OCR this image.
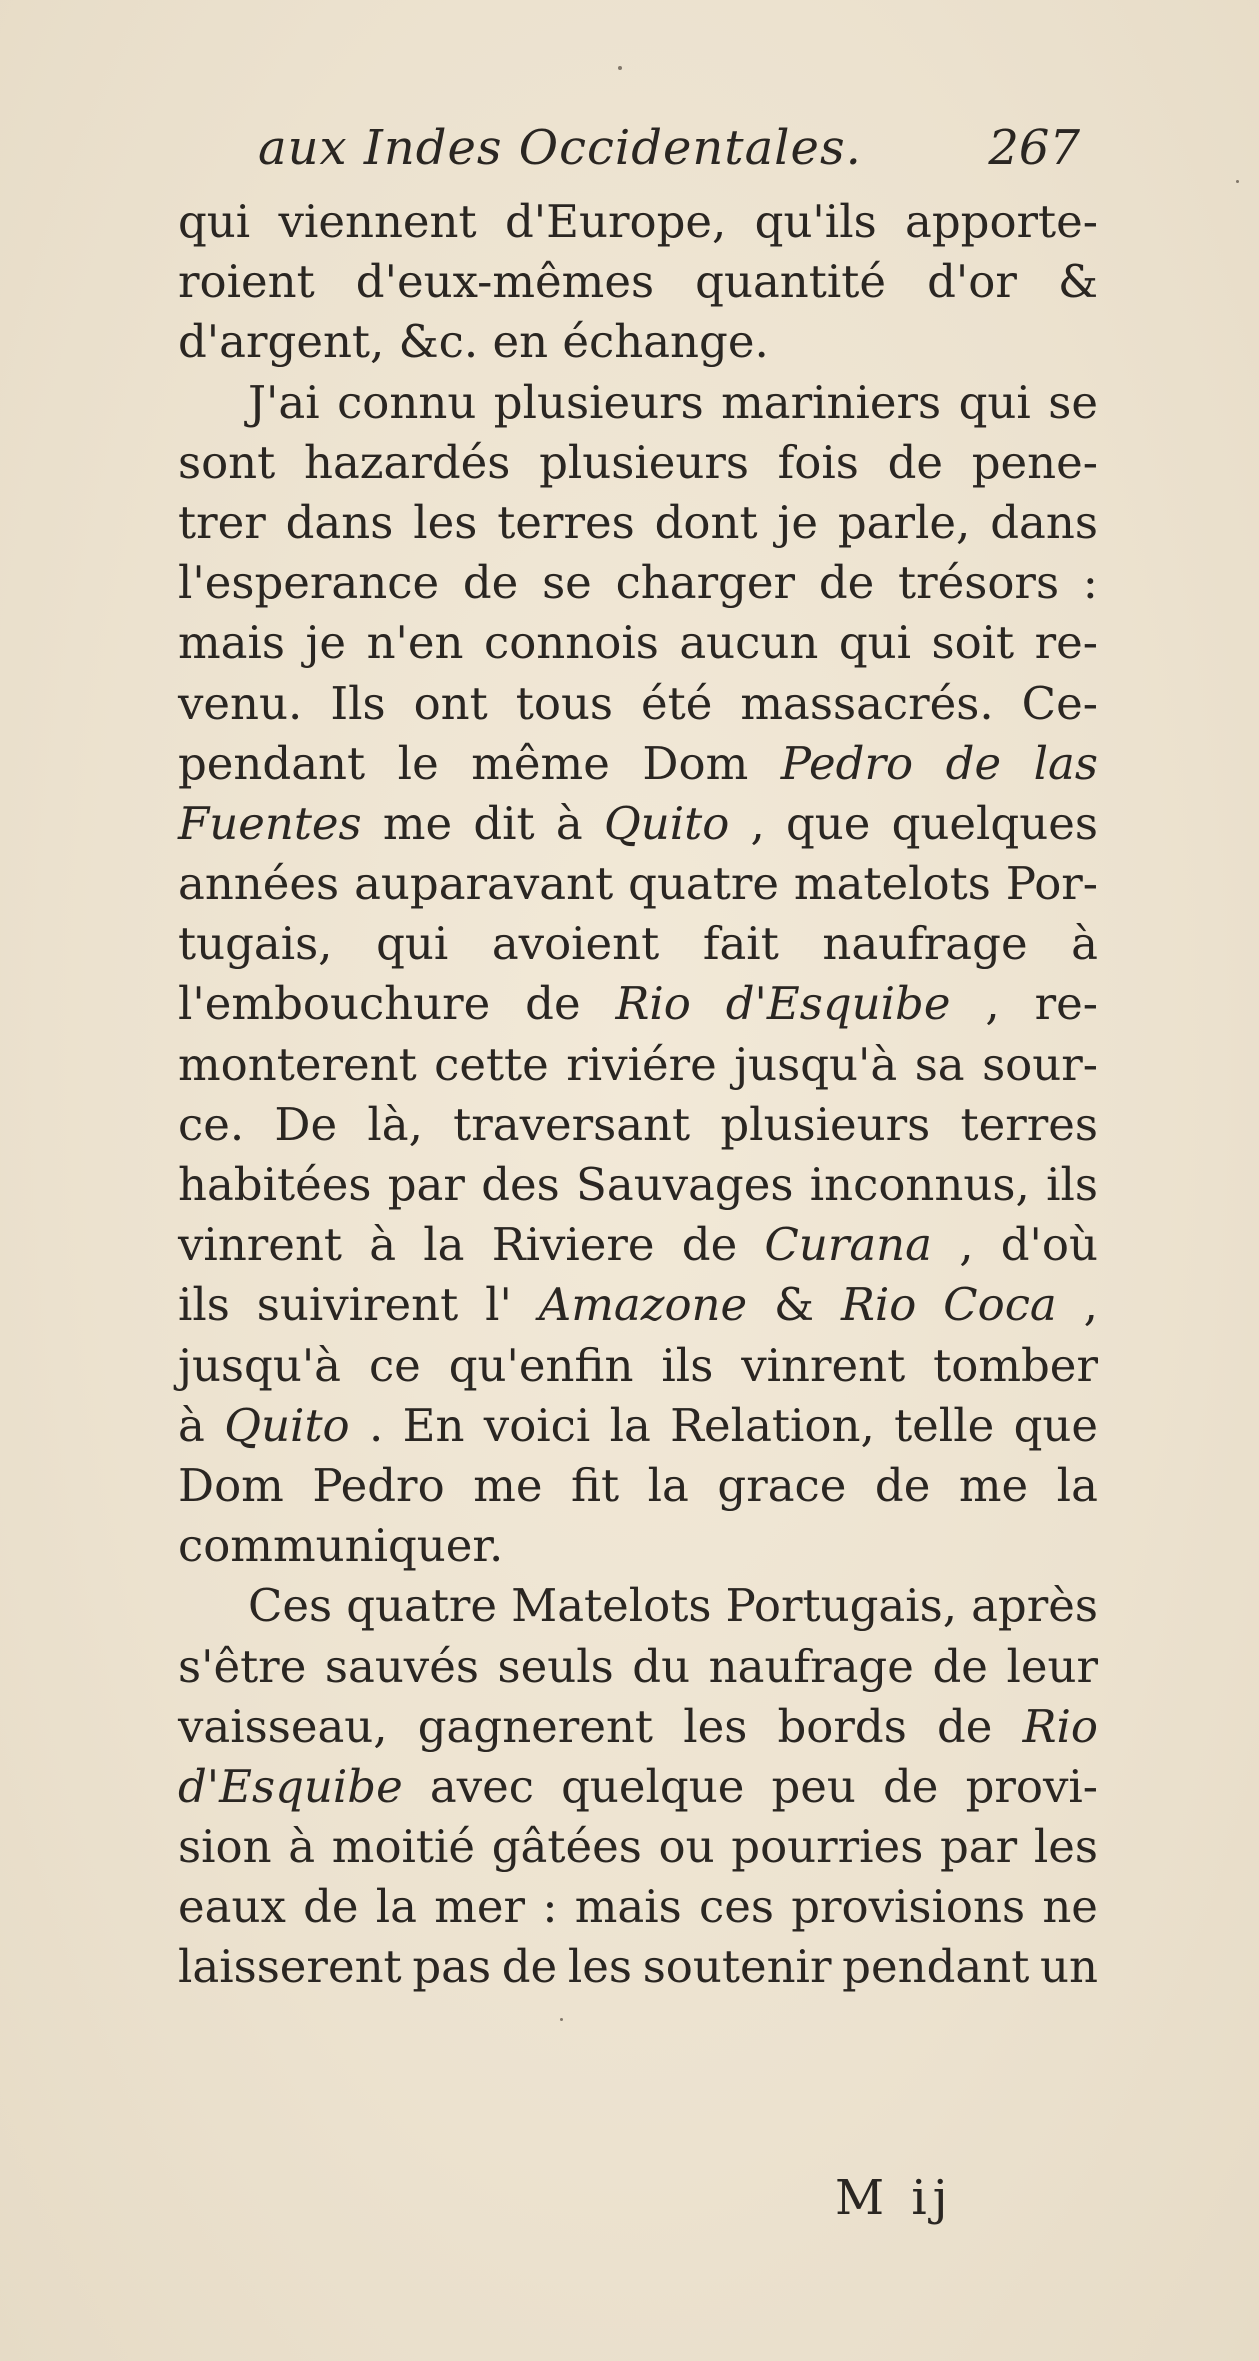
aux Indes Occidentales.	267
qui viennent d'Europe, qu'ils apporte-
roient d'eux-mêmes quantité d'or &
d'argent, &c. en échange.
J'ai connu plusieurs mariniers qui se
sont hazardés plusieurs fois de pene-
trer dans les terres dont je parle, dans
l'esperance de se charger de trésors :
mais je n'en connois aucun qui soit re-
venu. Ils ont tous été massacrés. Ce-
pendant le même Dom Pedro de las
Fuentes me dit à Quito , que quelques
années auparavant quatre matelots Por-
tugais, qui avoient fait naufrage à
l'embouchure de Rio d'Esquibe , re-
monterent cette riviére jusqu'à sa sour-
ce. De là, traversant plusieurs terres
habitées par des Sauvages inconnus, ils
vinrent à la Riviere de Curana , d'où
ils suivirent l' Amazone & Rio Coca ,
jusqu'à ce qu'enfin ils vinrent tomber
à Quito . En voici la Relation, telle que
Dom Pedro me fit la grace de me la
communiquer.
Ces quatre Matelots Portugais, après
s'être sauvés seuls du naufrage de leur
vaisseau, gagnerent les bords de Rio
d'Esquibe avec quelque peu de provi-
sion à moitié gâtées ou pourries par les
eaux de la mer : mais ces provisions ne
laisserent pas de les soutenir pendant un
M ij
